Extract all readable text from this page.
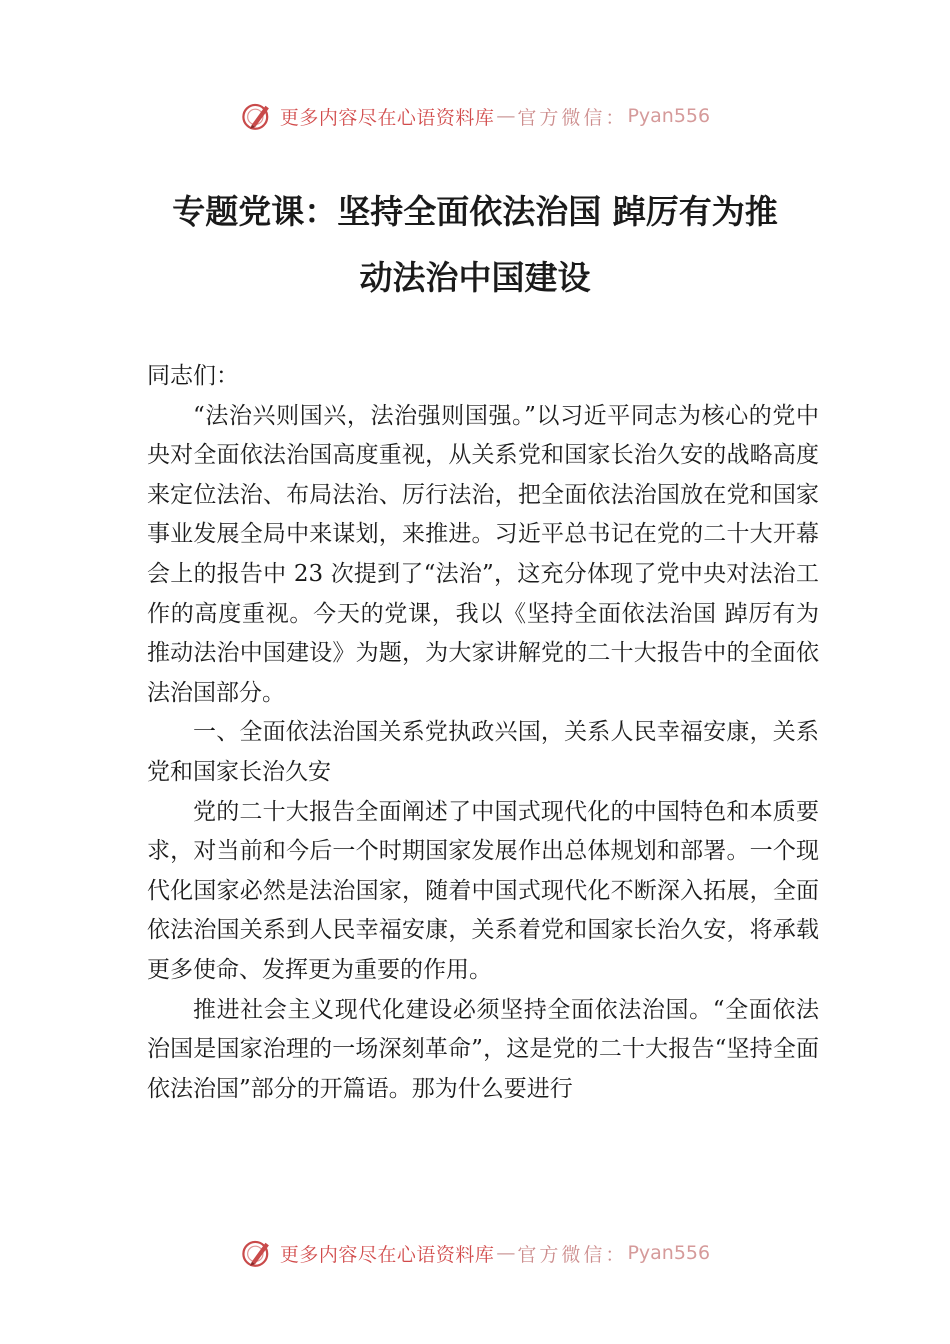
更多内容尽在心语资料库 — 官方微信： Pyan556
专题党课：坚持全面依法治国 踔厉有为推
动法治中国建设

同志们：

“法治兴则国兴，法治强则国强。”以习近平同志为核心的党中央对全面依法治国高度重视，从关系党和国家长治久安的战略高度来定位法治、布局法治、厉行法治，把全面依法治国放在党和国家事业发展全局中来谋划，来推进。习近平总书记在党的二十大开幕会上的报告中 23 次提到了“法治”，这充分体现了党中央对法治工作的高度重视。今天的党课，我以《坚持全面依法治国 踔厉有为推动法治中国建设》为题，为大家讲解党的二十大报告中的全面依法治国部分。

一、全面依法治国关系党执政兴国，关系人民幸福安康，关系党和国家长治久安

党的二十大报告全面阐述了中国式现代化的中国特色和本质要求，对当前和今后一个时期国家发展作出总体规划和部署。一个现代化国家必然是法治国家，随着中国式现代化不断深入拓展，全面依法治国关系到人民幸福安康，关系着党和国家长治久安，将承载更多使命、发挥更为重要的作用。

推进社会主义现代化建设必须坚持全面依法治国。“全面依法治国是国家治理的一场深刻革命”，这是党的二十大报告“坚持全面依法治国”部分的开篇语。那为什么要进行

更多内容尽在心语资料库 — 官方微信： Pyan556
